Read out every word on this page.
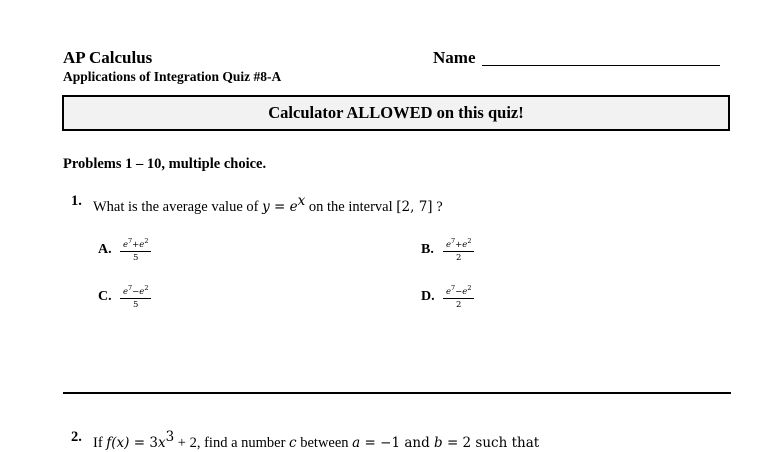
AP Calculus
Applications of Integration Quiz #8-A
Name
Calculator ALLOWED on this quiz!
Problems 1 – 10, multiple choice.
1. What is the average value of $y = e^x$ on the interval [2, 7] ?
A. $\frac{e^7+e^2}{5}$	B.	$\frac{e^7+e^2}{2}$
C. $\frac{e^7-e^2}{5}$	D. $\frac{e^7-e^2}{2}$
2. If $f(x) = 3x^3 + 2$, find a number c between a = −1 and b = 2 such that
